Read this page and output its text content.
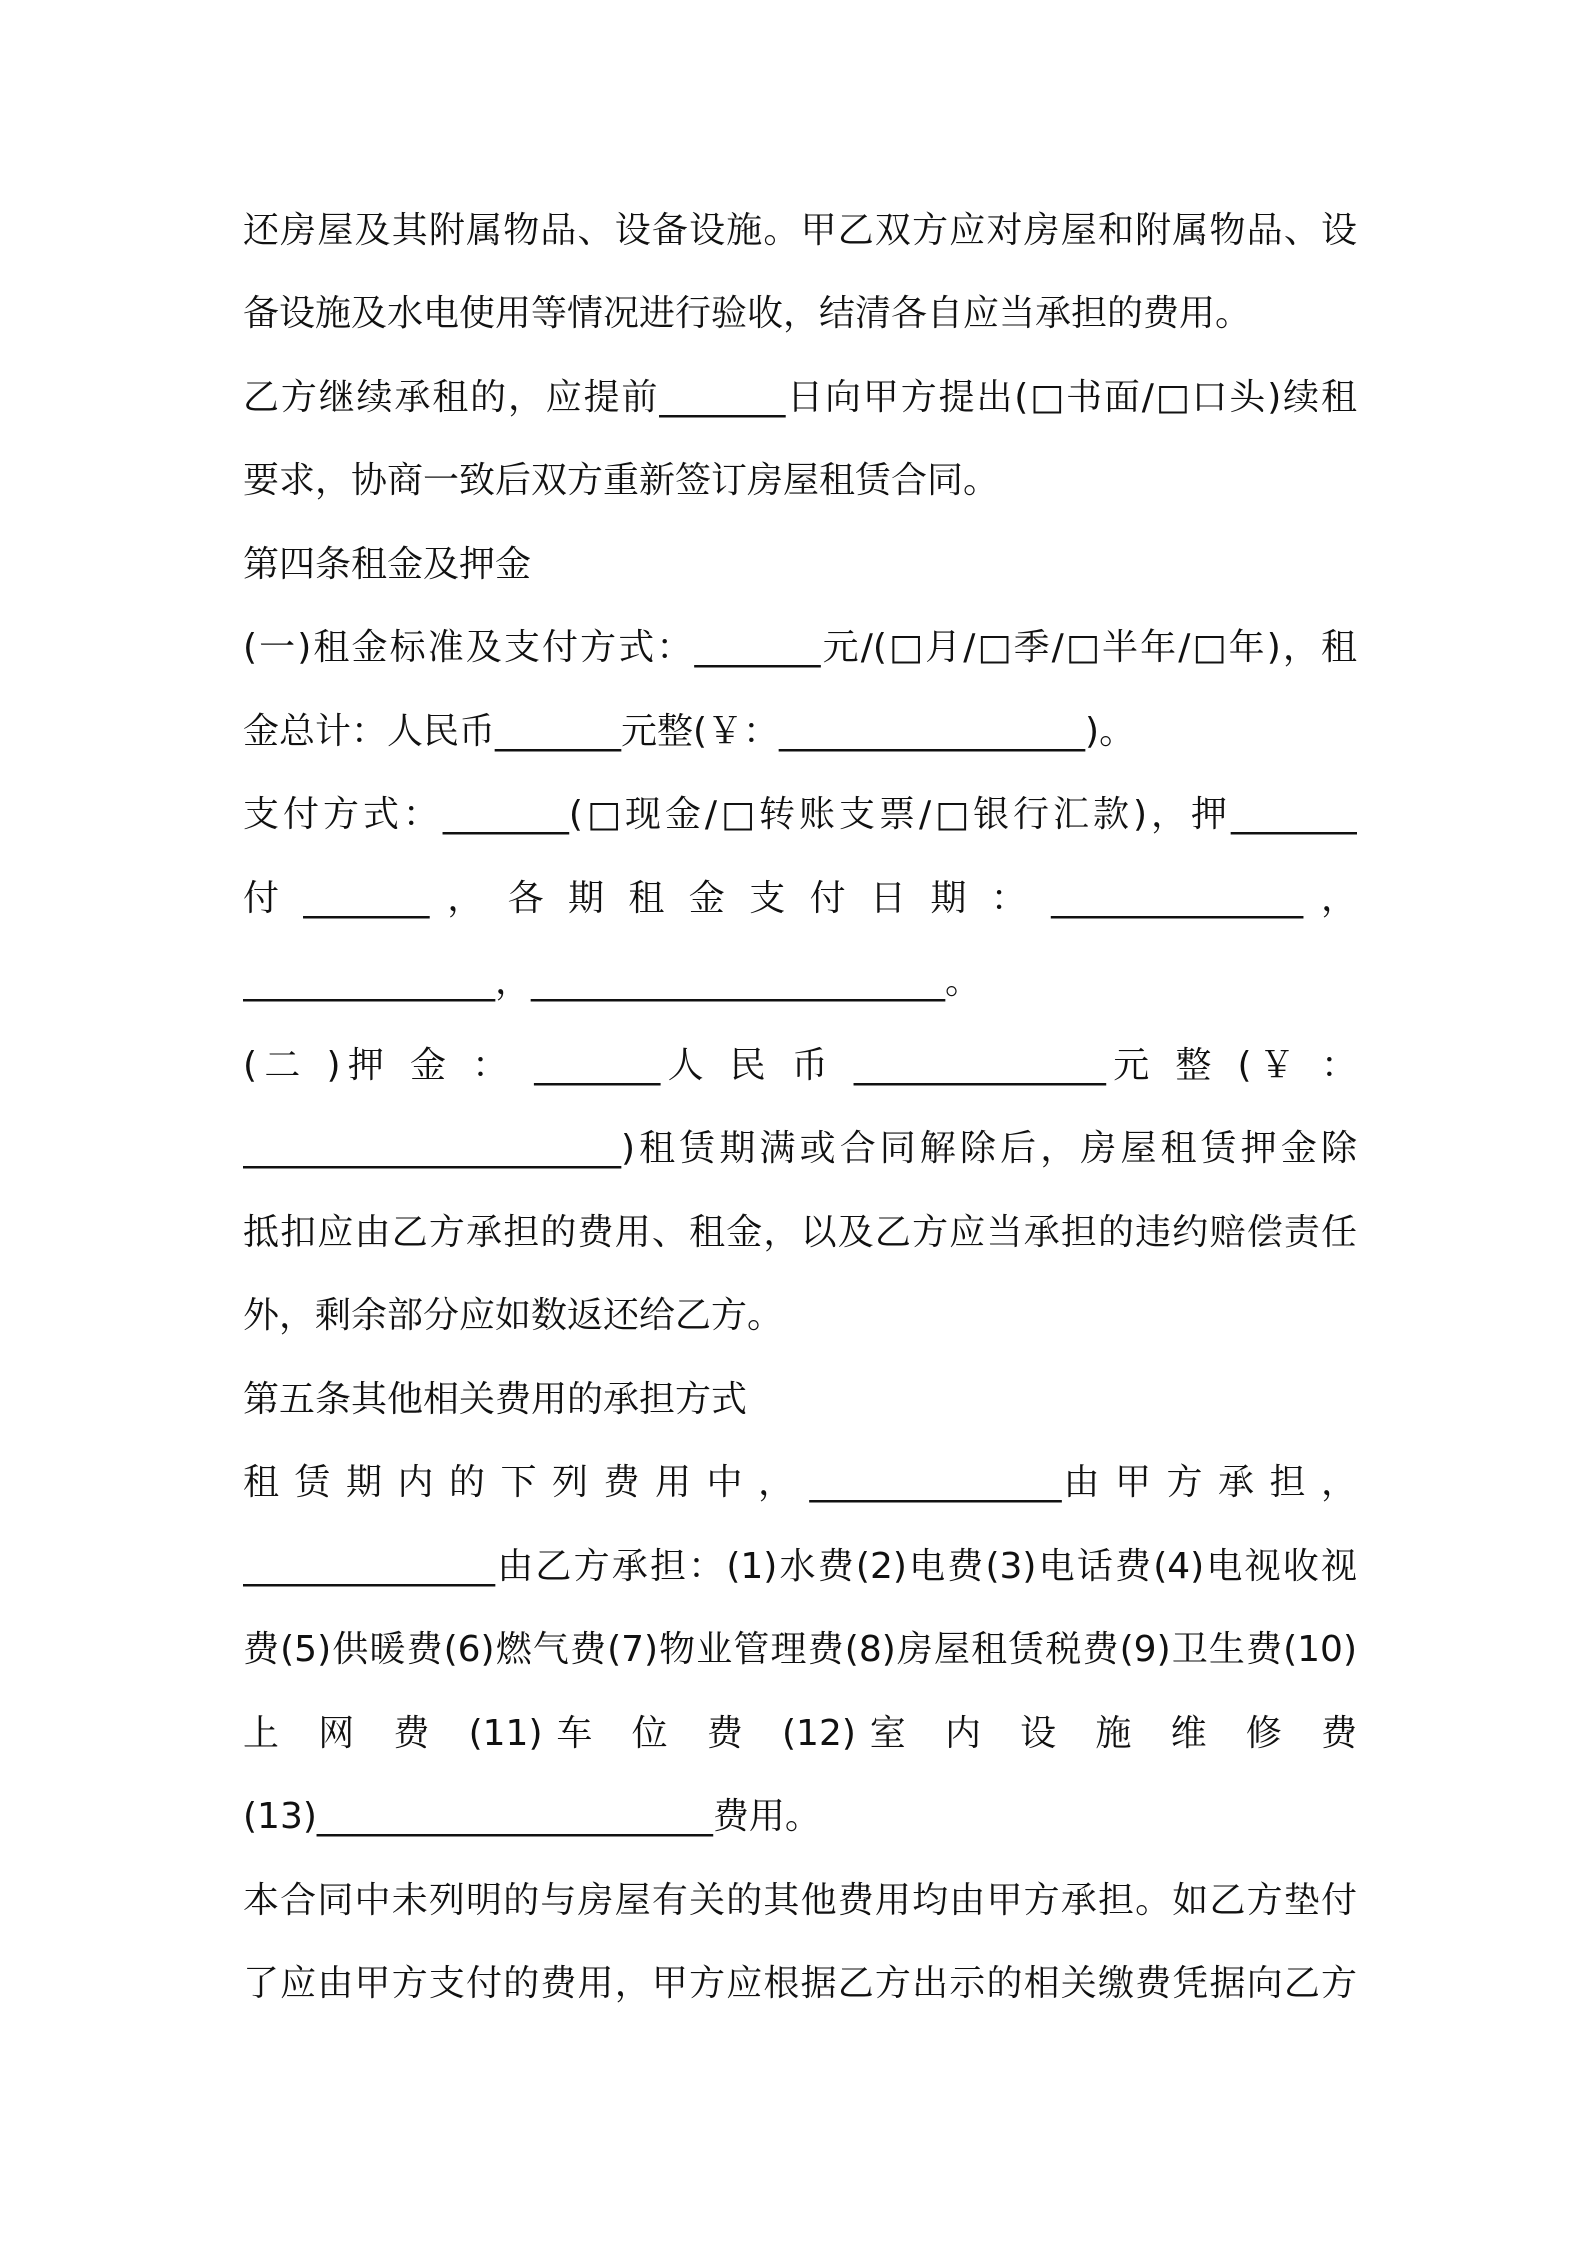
还房屋及其附属物品、设备设施。甲乙双方应对房屋和附属物品、设
备设施及水电使用等情况进行验收，结清各自应当承担的费用。
乙方继续承租的，应提前_______日向甲方提出(□书面/□口头)续租
要求，协商一致后双方重新签订房屋租赁合同。
第四条租金及押金
(一)租金标准及支付方式：_______元/(□月/□季/□半年/□年)，租
金总计：人民币_______元整(￥：_________________)。
支付方式：_______(□现金/□转账支票/□银行汇款)，押_______
付 _______ ， 各 期 租 金 支 付 日 期 ： ______________ ，
______________，_______________________。
(二 )押 金 ： _______人 民 币 ______________元 整 (￥ ：
_____________________)租赁期满或合同解除后，房屋租赁押金除
抵扣应由乙方承担的费用、租金，以及乙方应当承担的违约赔偿责任
外，剩余部分应如数返还给乙方。
第五条其他相关费用的承担方式
租 赁 期 内 的 下 列 费 用 中 ， ______________由 甲 方 承 担 ，
______________由乙方承担：(1)水费(2)电费(3)电话费(4)电视收视
费(5)供暖费(6)燃气费(7)物业管理费(8)房屋租赁税费(9)卫生费(10)
上 网 费 (11)车 位 费 (12)室 内 设 施 维 修 费
(13)______________________费用。
本合同中未列明的与房屋有关的其他费用均由甲方承担。如乙方垫付
了应由甲方支付的费用，甲方应根据乙方出示的相关缴费凭据向乙方
